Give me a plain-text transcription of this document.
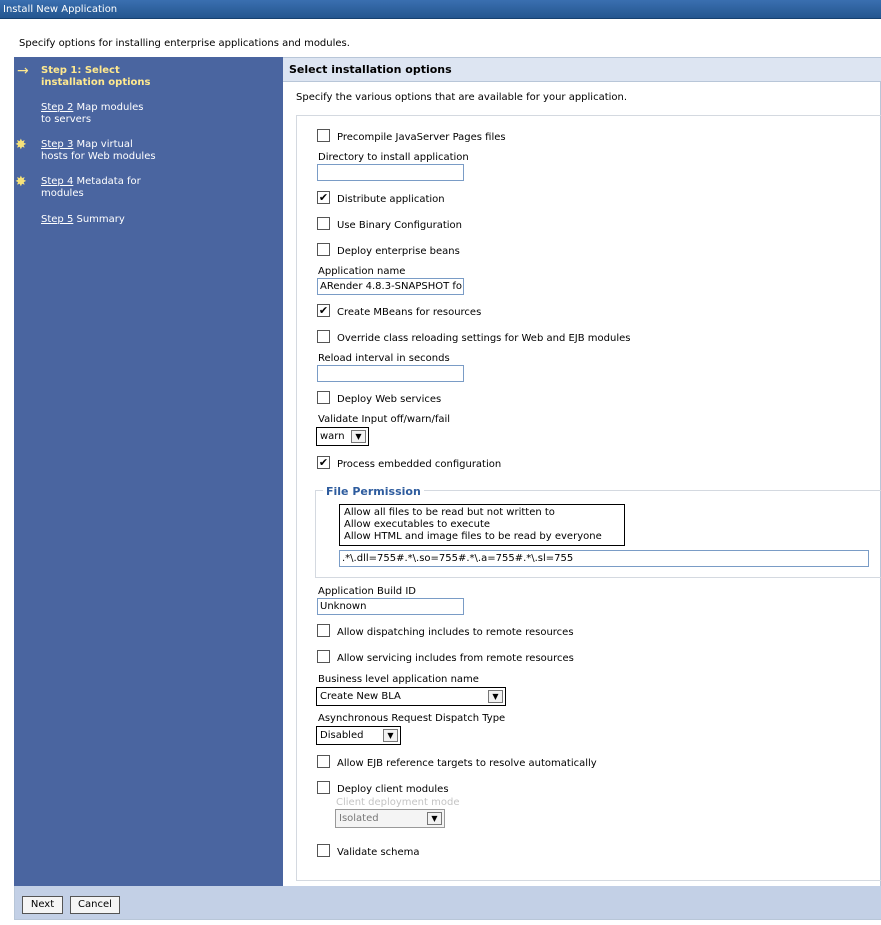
Install New Application
Specify options for installing enterprise applications and modules.
→ Step 1: Select
installation options
Step 2 Map modules
to servers
✸ Step 3 Map virtual
hosts for Web modules
✸ Step 4 Metadata for
modules
Step 5 Summary
Select installation options
Specify the various options that are available for your application.
Precompile JavaServer Pages files
Directory to install application
✔ Distribute application
Use Binary Configuration
Deploy enterprise beans
Application name
ARender 4.8.3-SNAPSHOT fo
✔ Create MBeans for resources
Override class reloading settings for Web and EJB modules
Reload interval in seconds
Deploy Web services
Validate Input off/warn/fail
warn	▼
✔ Process embedded configuration
File Permission
Allow all files to be read but not written to
Allow executables to execute
Allow HTML and image files to be read by everyone
.*\.dll=755#.*\.so=755#.*\.a=755#.*\.sl=755
Application Build ID
Unknown
Allow dispatching includes to remote resources
Allow servicing includes from remote resources
Business level application name
Create New BLA	▼
Asynchronous Request Dispatch Type
Disabled	▼
Allow EJB reference targets to resolve automatically
Deploy client modules
Client deployment mode
Isolated	▼
Validate schema
Next	Cancel
